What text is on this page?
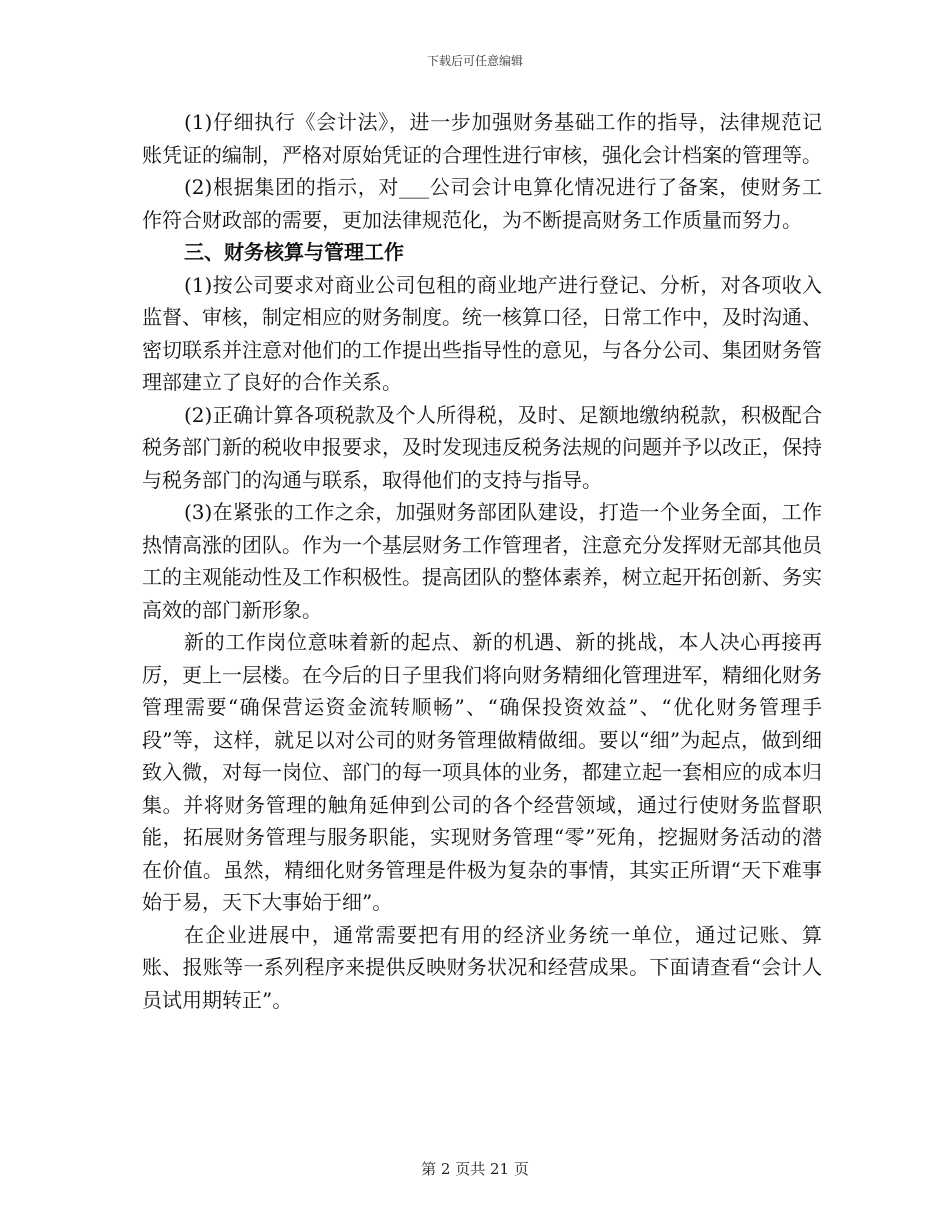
下载后可任意编辑

(1)仔细执行《会计法》，进一步加强财务基础工作的指导，法律规范记账凭证的编制，严格对原始凭证的合理性进行审核，强化会计档案的管理等。

(2)根据集团的指示，对___公司会计电算化情况进行了备案，使财务工作符合财政部的需要，更加法律规范化，为不断提高财务工作质量而努力。

三、财务核算与管理工作

(1)按公司要求对商业公司包租的商业地产进行登记、分析，对各项收入监督、审核，制定相应的财务制度。统一核算口径，日常工作中，及时沟通、密切联系并注意对他们的工作提出些指导性的意见，与各分公司、集团财务管理部建立了良好的合作关系。

(2)正确计算各项税款及个人所得税，及时、足额地缴纳税款，积极配合税务部门新的税收申报要求，及时发现违反税务法规的问题并予以改正，保持与税务部门的沟通与联系，取得他们的支持与指导。

(3)在紧张的工作之余，加强财务部团队建设，打造一个业务全面，工作热情高涨的团队。作为一个基层财务工作管理者，注意充分发挥财无部其他员工的主观能动性及工作积极性。提高团队的整体素养，树立起开拓创新、务实高效的部门新形象。

新的工作岗位意味着新的起点、新的机遇、新的挑战，本人决心再接再厉，更上一层楼。在今后的日子里我们将向财务精细化管理进军，精细化财务管理需要“确保营运资金流转顺畅”、“确保投资效益”、“优化财务管理手段”等，这样，就足以对公司的财务管理做精做细。要以“细”为起点，做到细致入微，对每一岗位、部门的每一项具体的业务，都建立起一套相应的成本归集。并将财务管理的触角延伸到公司的各个经营领域，通过行使财务监督职能，拓展财务管理与服务职能，实现财务管理“零”死角，挖掘财务活动的潜在价值。虽然，精细化财务管理是件极为复杂的事情，其实正所谓“天下难事始于易，天下大事始于细”。

在企业进展中，通常需要把有用的经济业务统一单位，通过记账、算账、报账等一系列程序来提供反映财务状况和经营成果。下面请查看“会计人员试用期转正”。

第 2 页共 21 页
